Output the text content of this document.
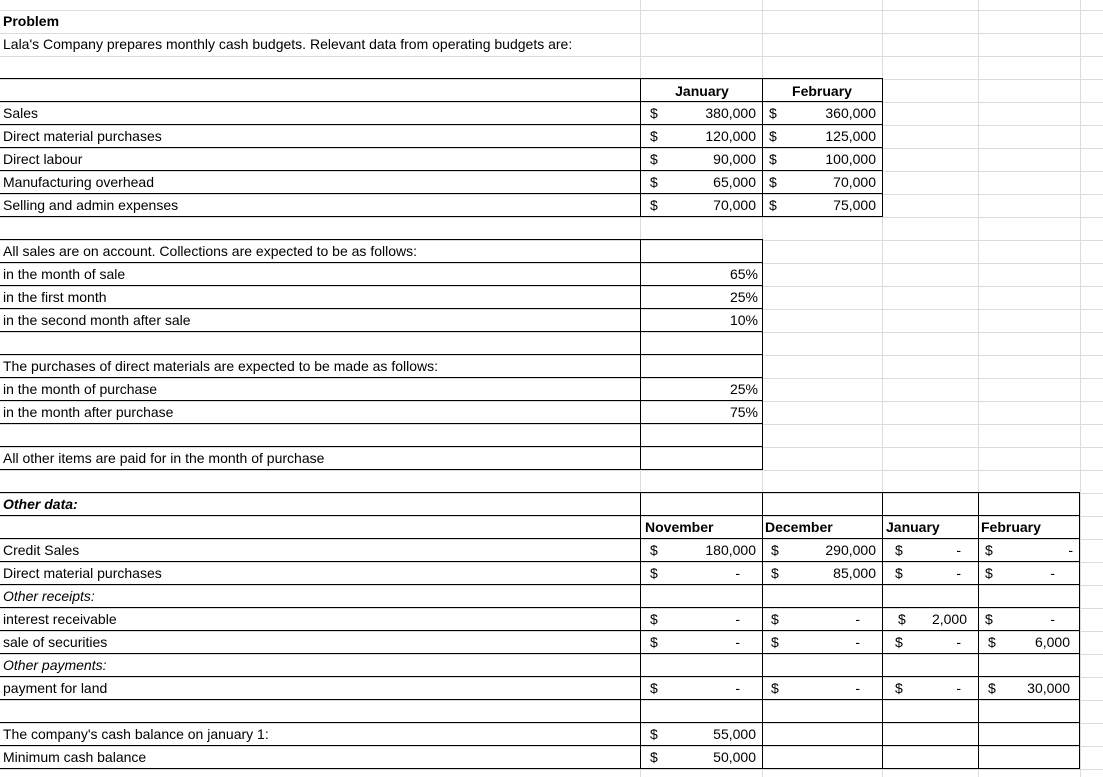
Problem
Lala's Company prepares monthly cash budgets. Relevant data from operating budgets are:
January	February
Sales	$	380,000 $	360,000
Direct material purchases	$	120,000 $	125,000
Direct labour	$	90,000 $	100,000
Manufacturing overhead	$	65,000 $	70,000
Selling and admin expenses	$	70,000 $	75,000
All sales are on account. Collections are expected to be as follows:
in the month of sale	65%
in the first month	25%
in the second month after sale	10%
The purchases of direct materials are expected to be made as follows:
in the month of purchase	25%
in the month after purchase	75%
All other items are paid for in the month of purchase
Other data:
November	December	January	February
Credit Sales	$	180,000 $	290,000 $	- $	-
Direct material purchases	$	- $	85,000 $	- $	-
Other receipts:
interest receivable	$	- $	-	$	2,000 $	-
sale of securities	$	- $	-	$	- $	6,000
Other payments:
payment for land	$	- $	-	$	- $	30,000
The company's cash balance on january 1:	$	55,000
Minimum cash balance	$	50,000
